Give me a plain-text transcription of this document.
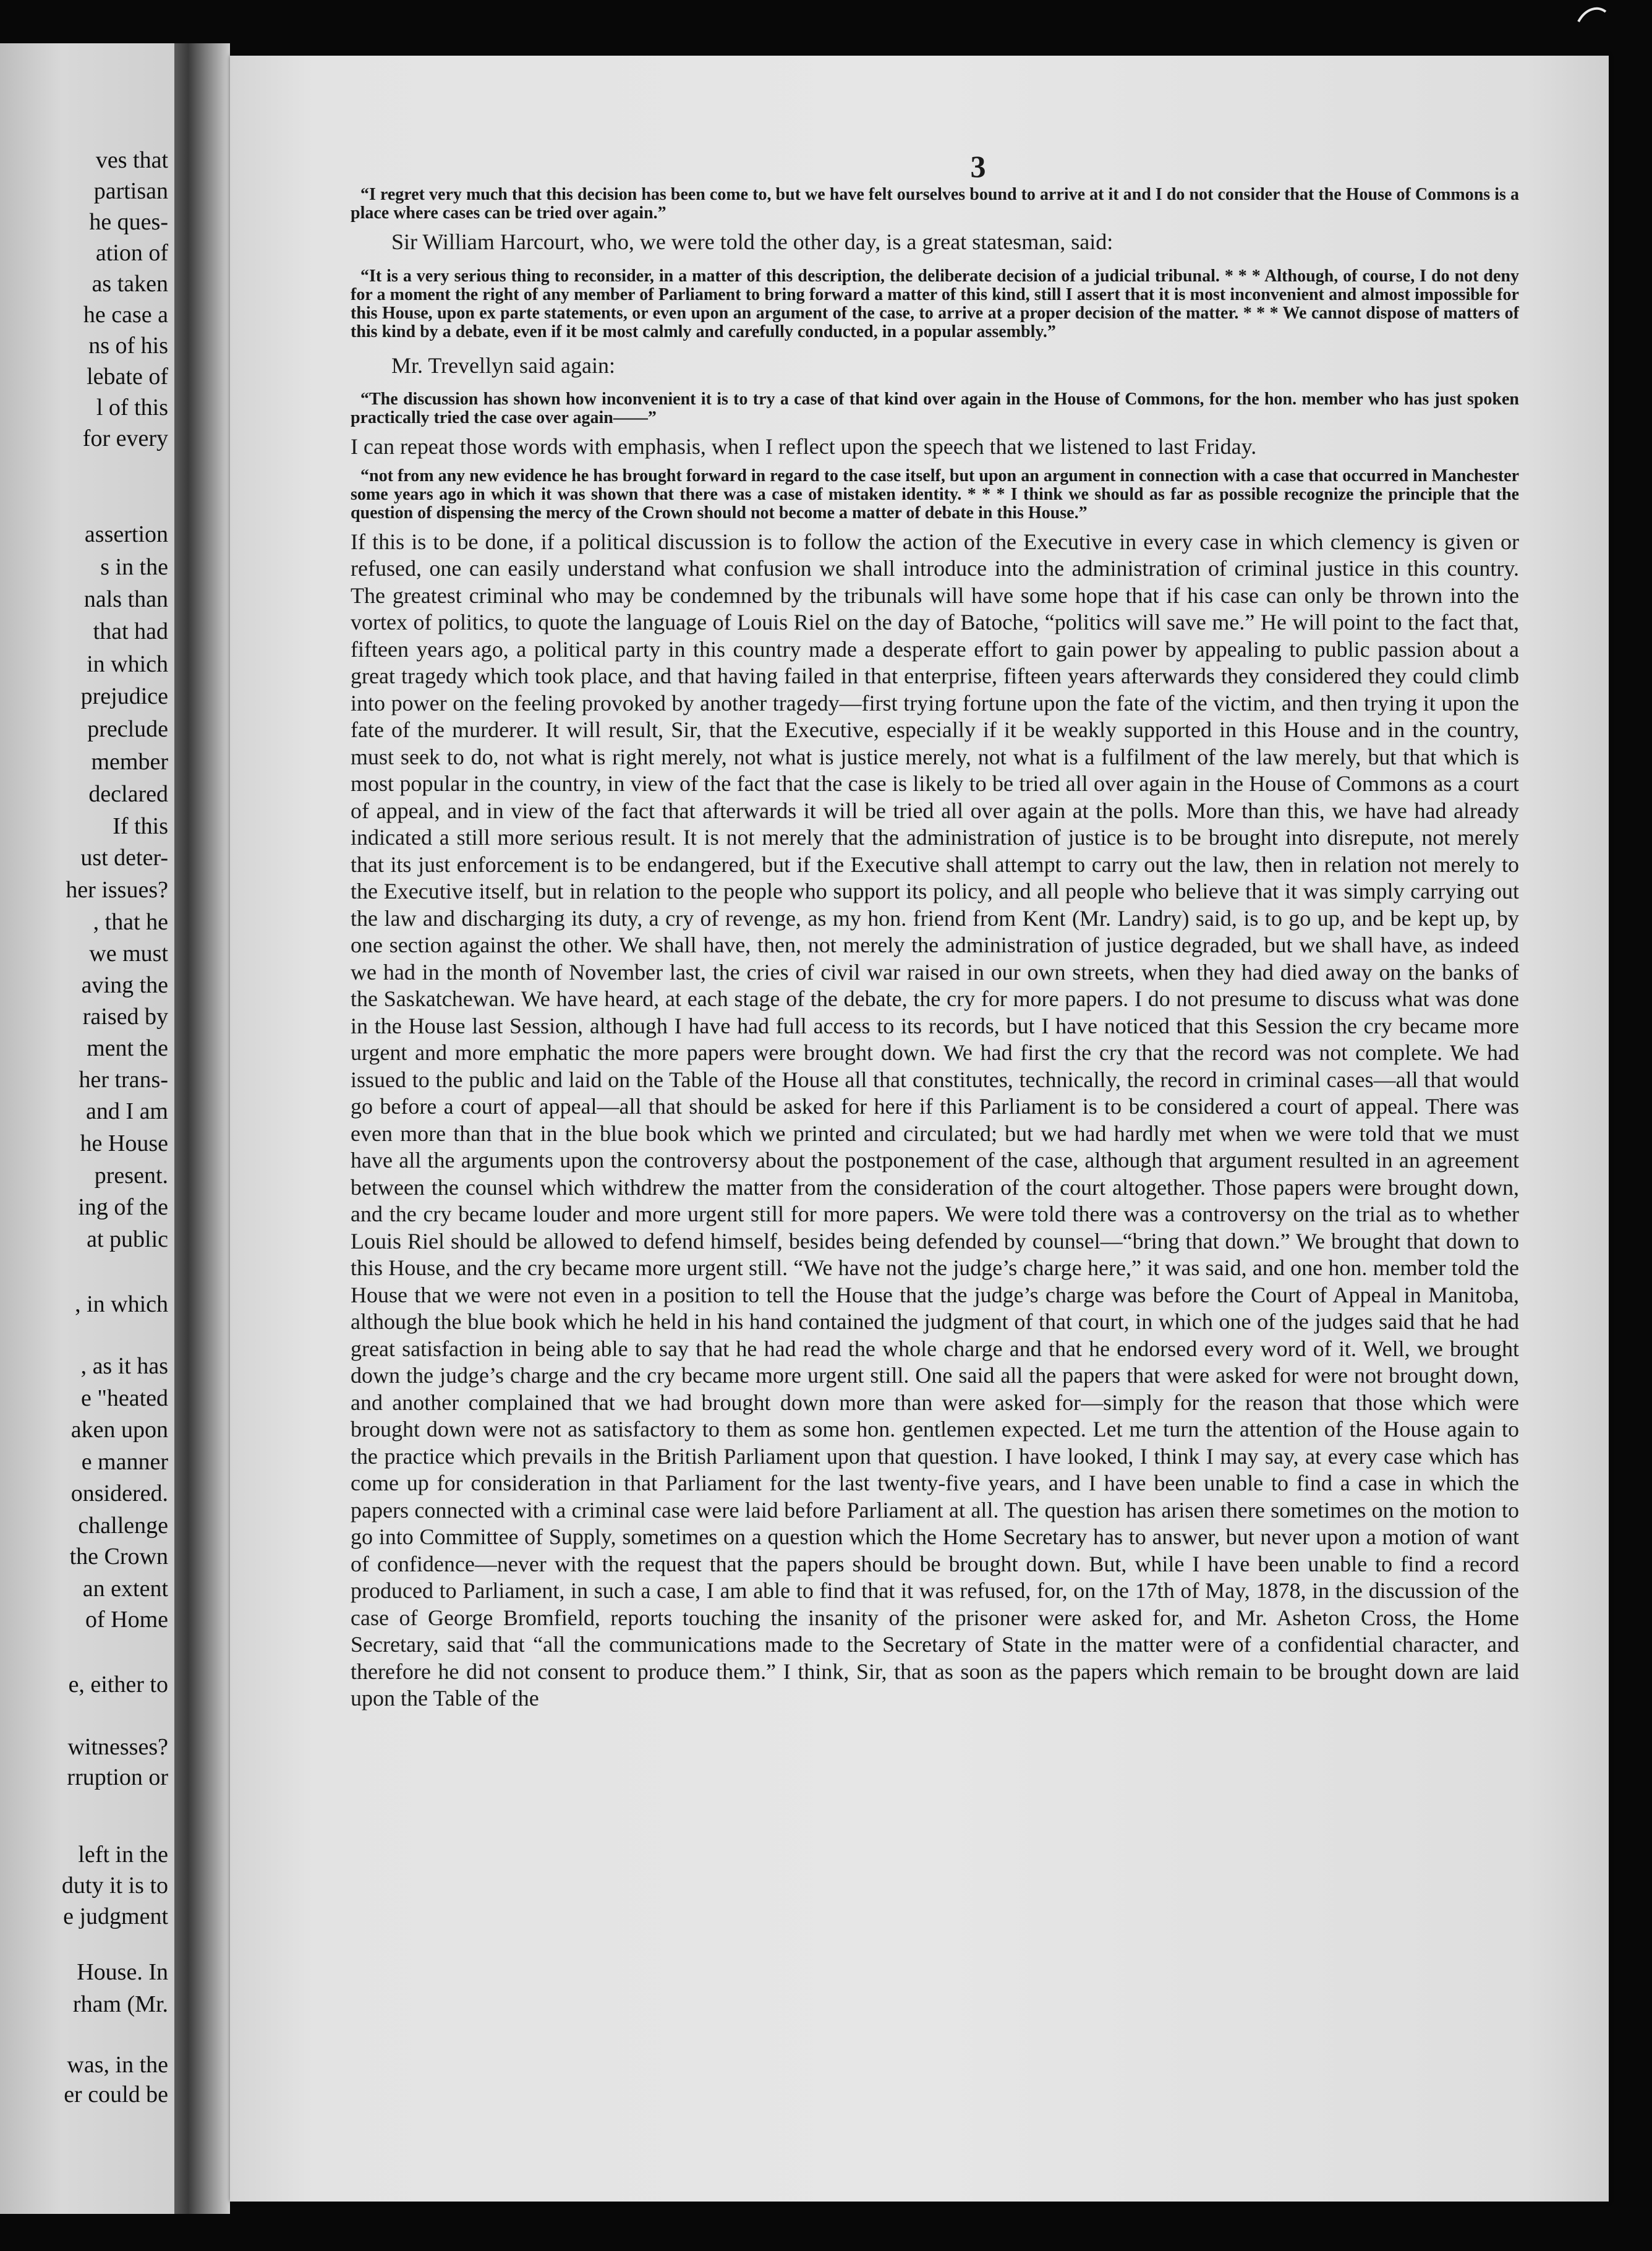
ves that
partisan
he ques-
ation of
as taken
he case a
ns of his
lebate of
l of this
for every
assertion
s in the
nals than
that had
in which
prejudice
preclude
member
declared
If this
ust deter-
her issues?
, that he
we must
aving the
raised by
ment the
her trans-
and I am
he House
present.
ing of the
at public
, in which
, as it has
e "heated
aken upon
e manner
onsidered.
challenge
the Crown
an extent
of Home
e, either to
witnesses?
rruption or
left in the
duty it is to
e judgment
House. In
rham (Mr.
was, in the
er could be
3

“I regret very much that this decision has been come to, but we have felt ourselves bound to arrive at it and I do not consider that the House of Commons is a place where cases can be tried over again.”

Sir William Harcourt, who, we were told the other day, is a great statesman, said:

“It is a very serious thing to reconsider, in a matter of this description, the deliberate decision of a judicial tribunal. * * * Although, of course, I do not deny for a moment the right of any member of Parliament to bring forward a matter of this kind, still I assert that it is most inconvenient and almost impossible for this House, upon ex parte statements, or even upon an argument of the case, to arrive at a proper decision of the matter. * * * We cannot dispose of matters of this kind by a debate, even if it be most calmly and carefully conducted, in a popular assembly.”

Mr. Trevellyn said again:

“The discussion has shown how inconvenient it is to try a case of that kind over again in the House of Commons, for the hon. member who has just spoken practically tried the case over again——”

I can repeat those words with emphasis, when I reflect upon the speech that we listened to last Friday.

“not from any new evidence he has brought forward in regard to the case itself, but upon an argument in connection with a case that occurred in Manchester some years ago in which it was shown that there was a case of mistaken identity. * * * I think we should as far as possible recognize the principle that the question of dispensing the mercy of the Crown should not become a matter of debate in this House.”

If this is to be done, if a political discussion is to follow the action of the Executive in every case in which clemency is given or refused, one can easily understand what confusion we shall introduce into the administration of criminal justice in this country. The greatest criminal who may be condemned by the tribunals will have some hope that if his case can only be thrown into the vortex of politics, to quote the language of Louis Riel on the day of Batoche, “politics will save me.” He will point to the fact that, fifteen years ago, a political party in this country made a desperate effort to gain power by appealing to public passion about a great tragedy which took place, and that having failed in that enterprise, fifteen years afterwards they considered they could climb into power on the feeling provoked by another tragedy—first trying fortune upon the fate of the victim, and then trying it upon the fate of the murderer. It will result, Sir, that the Executive, especially if it be weakly supported in this House and in the country, must seek to do, not what is right merely, not what is justice merely, not what is a fulfilment of the law merely, but that which is most popular in the country, in view of the fact that the case is likely to be tried all over again in the House of Commons as a court of appeal, and in view of the fact that afterwards it will be tried all over again at the polls. More than this, we have had already indicated a still more serious result. It is not merely that the administration of justice is to be brought into disrepute, not merely that its just enforcement is to be endangered, but if the Executive shall attempt to carry out the law, then in relation not merely to the Executive itself, but in relation to the people who support its policy, and all people who believe that it was simply carrying out the law and discharging its duty, a cry of revenge, as my hon. friend from Kent (Mr. Landry) said, is to go up, and be kept up, by one section against the other. We shall have, then, not merely the administration of justice degraded, but we shall have, as indeed we had in the month of November last, the cries of civil war raised in our own streets, when they had died away on the banks of the Saskatchewan. We have heard, at each stage of the debate, the cry for more papers. I do not presume to discuss what was done in the House last Session, although I have had full access to its records, but I have noticed that this Session the cry became more urgent and more emphatic the more papers were brought down. We had first the cry that the record was not complete. We had issued to the public and laid on the Table of the House all that constitutes, technically, the record in criminal cases—all that would go before a court of appeal—all that should be asked for here if this Parliament is to be considered a court of appeal. There was even more than that in the blue book which we printed and circulated; but we had hardly met when we were told that we must have all the arguments upon the controversy about the postponement of the case, although that argument resulted in an agreement between the counsel which withdrew the matter from the consideration of the court altogether. Those papers were brought down, and the cry became louder and more urgent still for more papers. We were told there was a controversy on the trial as to whether Louis Riel should be allowed to defend himself, besides being defended by counsel—“bring that down.” We brought that down to this House, and the cry became more urgent still. “We have not the judge’s charge here,” it was said, and one hon. member told the House that we were not even in a position to tell the House that the judge’s charge was before the Court of Appeal in Manitoba, although the blue book which he held in his hand contained the judgment of that court, in which one of the judges said that he had great satisfaction in being able to say that he had read the whole charge and that he endorsed every word of it. Well, we brought down the judge’s charge and the cry became more urgent still. One said all the papers that were asked for were not brought down, and another complained that we had brought down more than were asked for—simply for the reason that those which were brought down were not as satisfactory to them as some hon. gentlemen expected. Let me turn the attention of the House again to the practice which prevails in the British Parliament upon that question. I have looked, I think I may say, at every case which has come up for consideration in that Parliament for the last twenty-five years, and I have been unable to find a case in which the papers connected with a criminal case were laid before Parliament at all. The question has arisen there sometimes on the motion to go into Committee of Supply, sometimes on a question which the Home Secretary has to answer, but never upon a motion of want of confidence—never with the request that the papers should be brought down. But, while I have been unable to find a record produced to Parliament, in such a case, I am able to find that it was refused, for, on the 17th of May, 1878, in the discussion of the case of George Bromfield, reports touching the insanity of the prisoner were asked for, and Mr. Asheton Cross, the Home Secretary, said that “all the communications made to the Secretary of State in the matter were of a confidential character, and therefore he did not consent to produce them.” I think, Sir, that as soon as the papers which remain to be brought down are laid upon the Table of the
